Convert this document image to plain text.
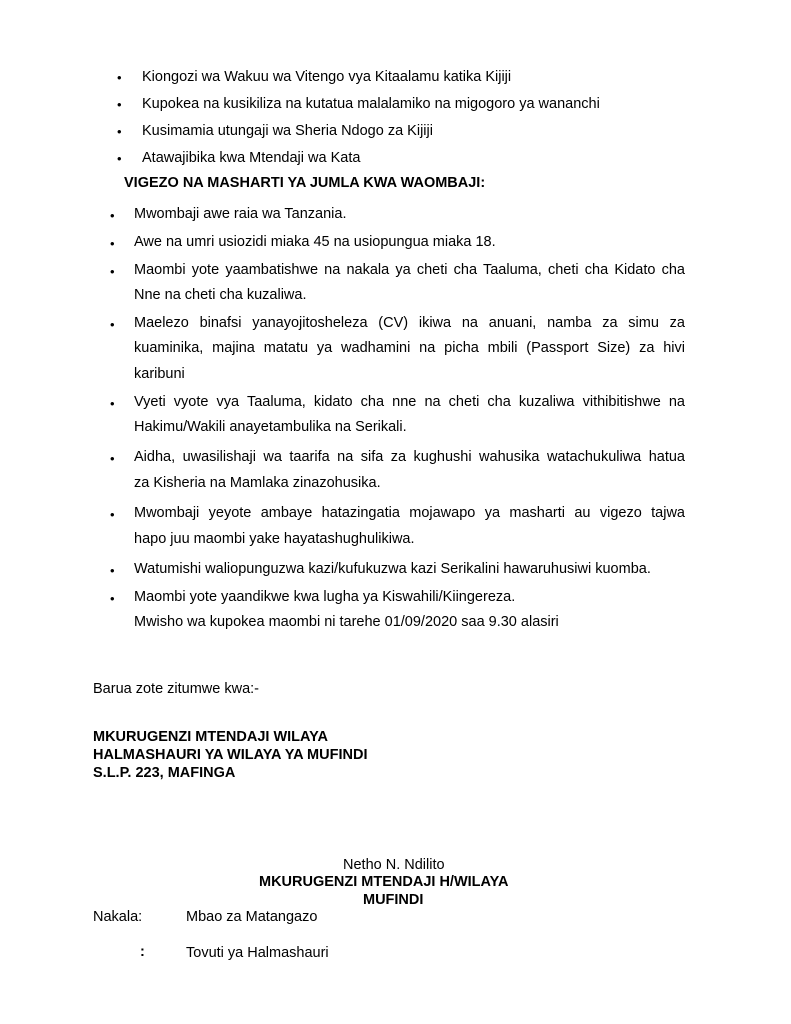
• Kiongozi wa Wakuu wa Vitengo vya Kitaalamu katika Kijiji
• Kupokea na kusikiliza na kutatua malalamiko na migogoro ya wananchi
• Kusimamia utungaji wa Sheria Ndogo za Kijiji
• Atawajibika kwa Mtendaji wa Kata
VIGEZO NA MASHARTI YA JUMLA KWA WAOMBAJI:
• Mwombaji awe raia wa Tanzania.
• Awe na umri usiozidi miaka 45 na usiopungua miaka 18.
• Maombi yote yaambatishwe na nakala ya cheti cha Taaluma, cheti cha Kidato cha
Nne na cheti cha kuzaliwa.
• Maelezo binafsi yanayojitosheleza (CV) ikiwa na anuani, namba za simu za
kuaminika, majina matatu ya wadhamini na picha mbili (Passport Size) za hivi
karibuni
• Vyeti vyote vya Taaluma, kidato cha nne na cheti cha kuzaliwa vithibitishwe na
Hakimu/Wakili anayetambulika na Serikali.
• Aidha, uwasilishaji wa taarifa na sifa za kughushi wahusika watachukuliwa hatua
za Kisheria na Mamlaka zinazohusika.
• Mwombaji yeyote ambaye hatazingatia mojawapo ya masharti au vigezo tajwa
hapo juu maombi yake hayatashughulikiwa.
• Watumishi waliopunguzwa kazi/kufukuzwa kazi Serikalini hawaruhusiwi kuomba.
• Maombi yote yaandikwe kwa lugha ya Kiswahili/Kiingereza.
Mwisho wa kupokea maombi ni tarehe 01/09/2020 saa 9.30 alasiri
Barua zote zitumwe kwa:-
MKURUGENZI MTENDAJI WILAYA
HALMASHAURI YA WILAYA YA MUFINDI
S.L.P. 223, MAFINGA
Netho N. Ndilito
MKURUGENZI MTENDAJI H/WILAYA
MUFINDI
Nakala:	Mbao za Matangazo
:	Tovuti ya Halmashauri
